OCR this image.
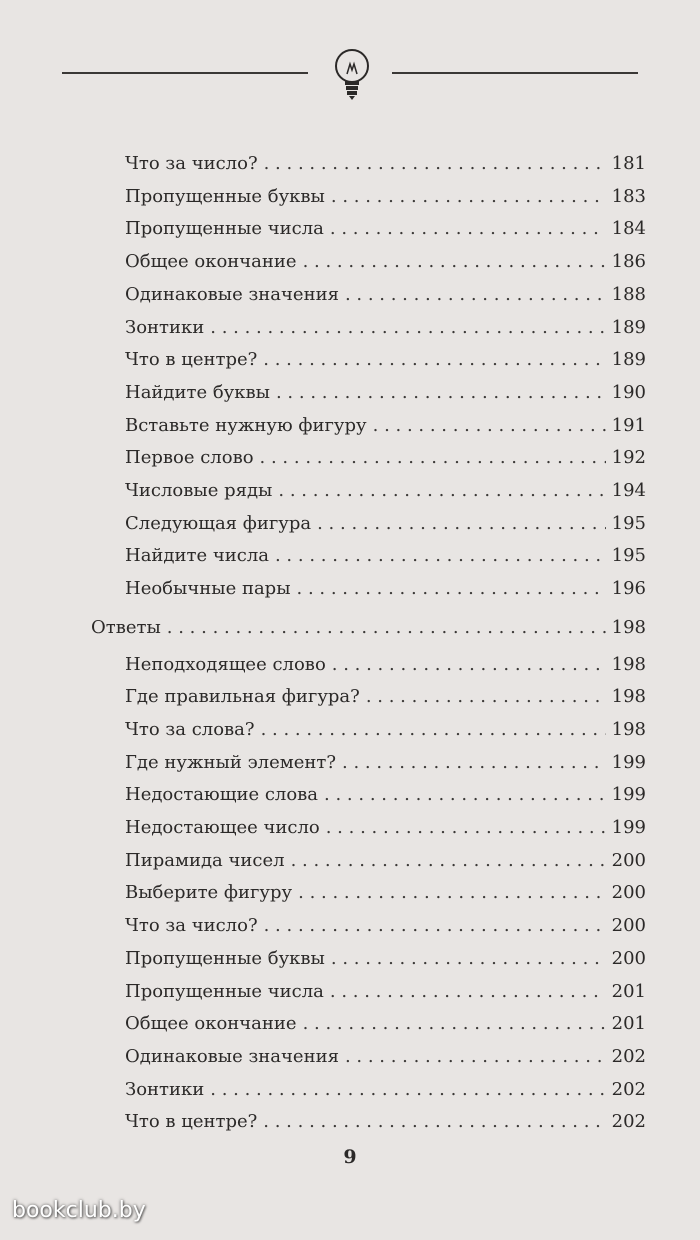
Что за число? . . .	181
Пропущенные буквы . . .	183
Пропущенные числа . . .	184
Общее окончание . . .	186
Одинаковые значения . . .	188
Зонтики . . .	189
Что в центре? . . .	189
Найдите буквы . . .	190
Вставьте нужную фигуру . . .	191
Первое слово . . .	192
Числовые ряды . . .	194
Следующая фигура . . .	195
Найдите числа . . .	195
Необычные пары . . .	196
Ответы . . .	198
Неподходящее слово . . .	198
Где правильная фигура? . . .	198
Что за слова? . . .	198
Где нужный элемент? . . .	199
Недостающие слова . . .	199
Недостающее число . . .	199
Пирамида чисел . . .	200
Выберите фигуру . . .	200
Что за число? . . .	200
Пропущенные буквы . . .	200
Пропущенные числа . . .	201
Общее окончание . . .	201
Одинаковые значения . . .	202
Зонтики . . .	202
Что в центре? . . .	202
9
bookclub.by
